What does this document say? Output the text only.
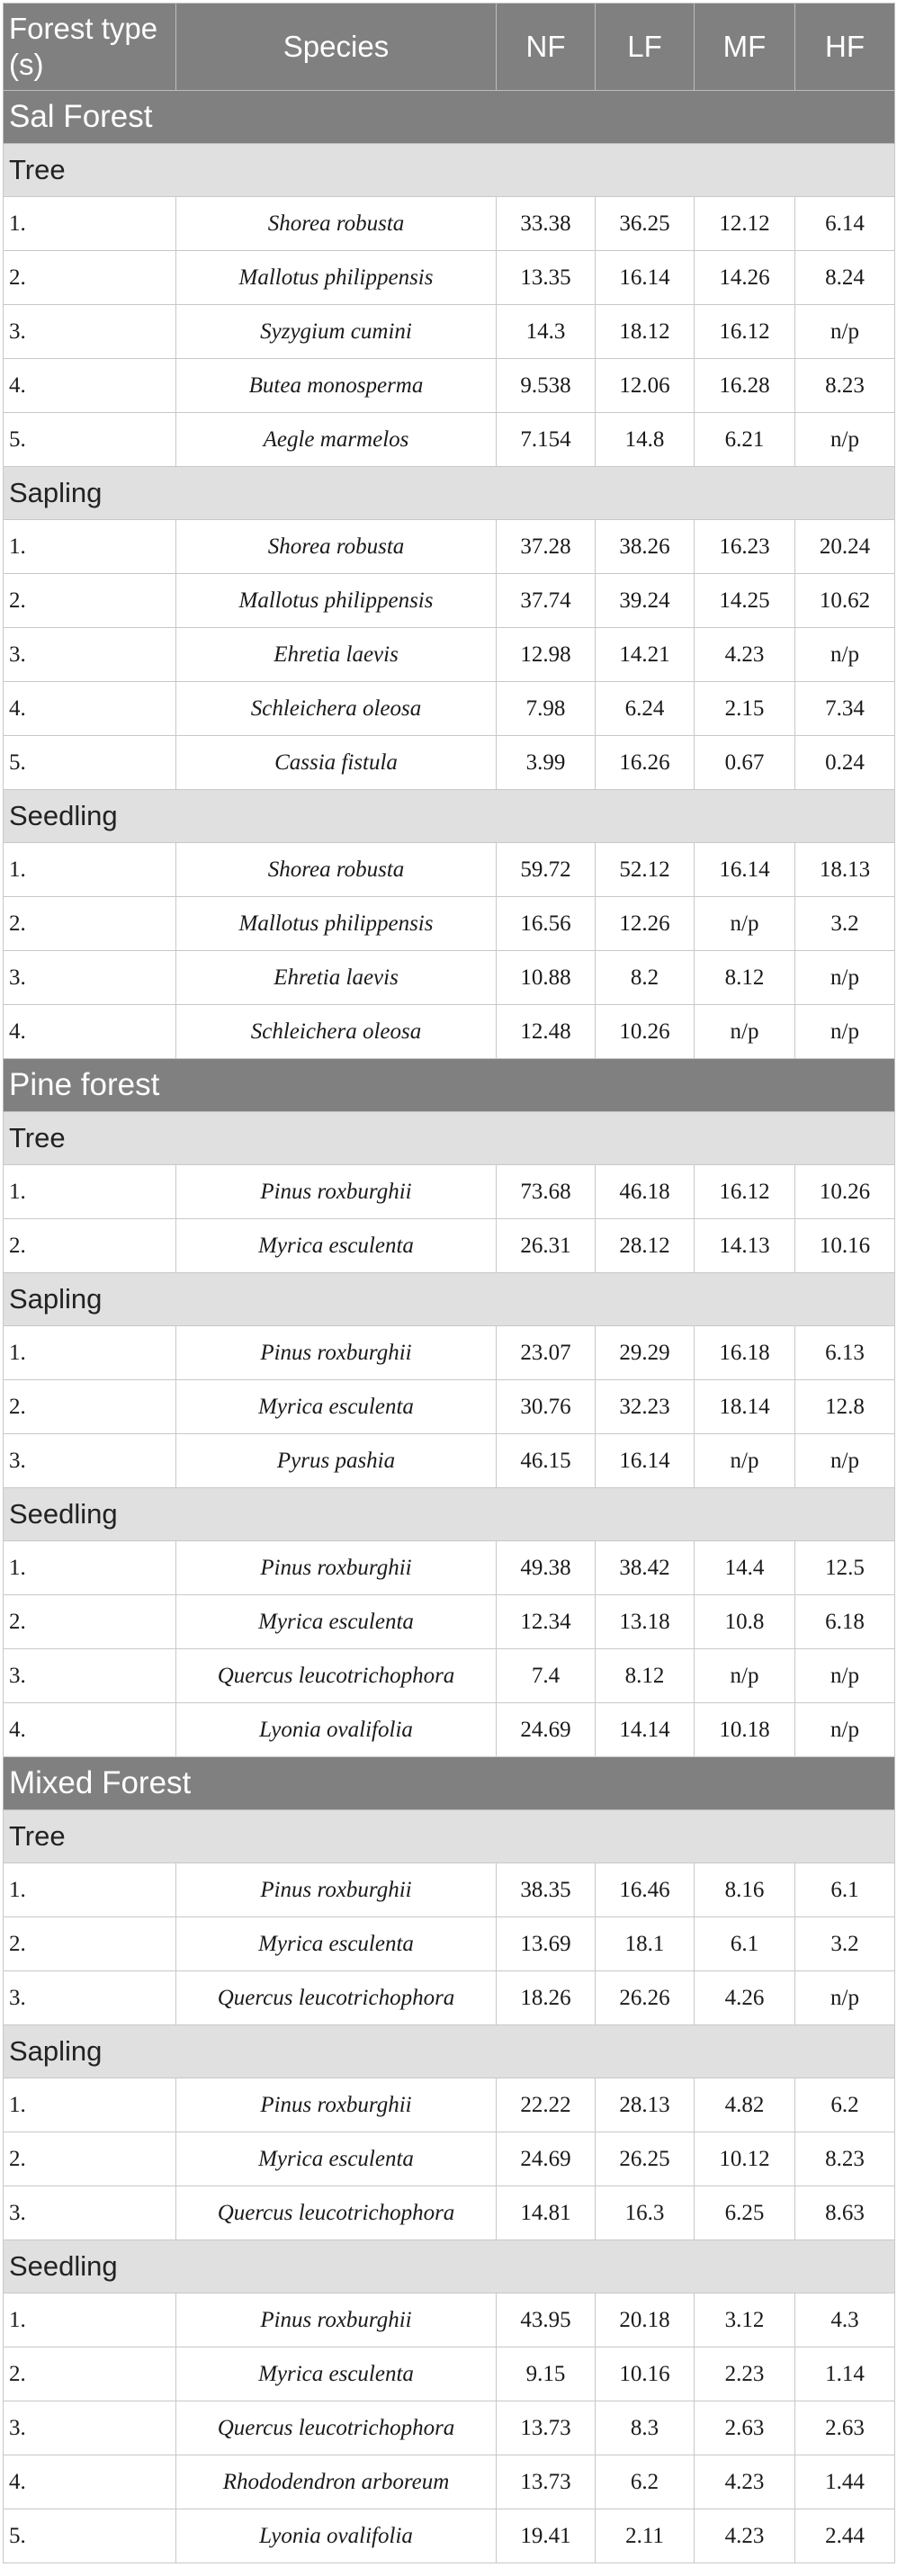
Forest type (s)	Species	NF	LF	MF	HF
Sal Forest					
Tree					
1.	Shorea robusta	33.38	36.25	12.12	6.14
2.	Mallotus philippensis	13.35	16.14	14.26	8.24
3.	Syzygium cumini	14.3	18.12	16.12	n/p
4.	Butea monosperma	9.538	12.06	16.28	8.23
5.	Aegle marmelos	7.154	14.8	6.21	n/p
Sapling					
1.	Shorea robusta	37.28	38.26	16.23	20.24
2.	Mallotus philippensis	37.74	39.24	14.25	10.62
3.	Ehretia laevis	12.98	14.21	4.23	n/p
4.	Schleichera oleosa	7.98	6.24	2.15	7.34
5.	Cassia fistula	3.99	16.26	0.67	0.24
Seedling					
1.	Shorea robusta	59.72	52.12	16.14	18.13
2.	Mallotus philippensis	16.56	12.26	n/p	3.2
3.	Ehretia laevis	10.88	8.2	8.12	n/p
4.	Schleichera oleosa	12.48	10.26	n/p	n/p
Pine forest					
Tree					
1.	Pinus roxburghii	73.68	46.18	16.12	10.26
2.	Myrica esculenta	26.31	28.12	14.13	10.16
Sapling					
1.	Pinus roxburghii	23.07	29.29	16.18	6.13
2.	Myrica esculenta	30.76	32.23	18.14	12.8
3.	Pyrus pashia	46.15	16.14	n/p	n/p
Seedling					
1.	Pinus roxburghii	49.38	38.42	14.4	12.5
2.	Myrica esculenta	12.34	13.18	10.8	6.18
3.	Quercus leucotrichophora	7.4	8.12	n/p	n/p
4.	Lyonia ovalifolia	24.69	14.14	10.18	n/p
Mixed Forest					
Tree					
1.	Pinus roxburghii	38.35	16.46	8.16	6.1
2.	Myrica esculenta	13.69	18.1	6.1	3.2
3.	Quercus leucotrichophora	18.26	26.26	4.26	n/p
Sapling					
1.	Pinus roxburghii	22.22	28.13	4.82	6.2
2.	Myrica esculenta	24.69	26.25	10.12	8.23
3.	Quercus leucotrichophora	14.81	16.3	6.25	8.63
Seedling					
1.	Pinus roxburghii	43.95	20.18	3.12	4.3
2.	Myrica esculenta	9.15	10.16	2.23	1.14
3.	Quercus leucotrichophora	13.73	8.3	2.63	2.63
4.	Rhododendron arboreum	13.73	6.2	4.23	1.44
5.	Lyonia ovalifolia	19.41	2.11	4.23	2.44
